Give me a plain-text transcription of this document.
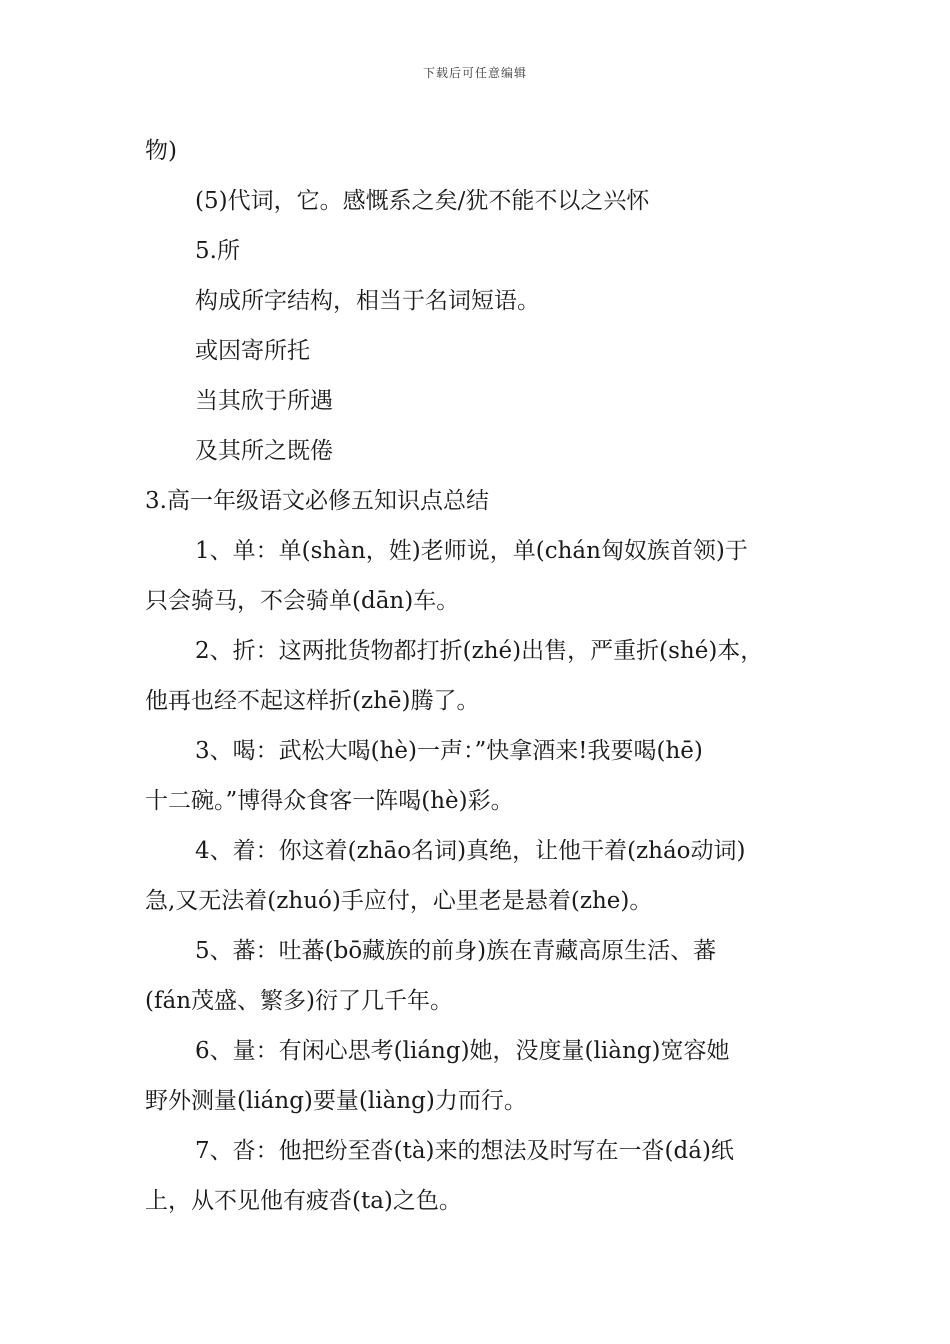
下载后可任意编辑
物)
(5)代词，它。感慨系之矣/犹不能不以之兴怀
5.所
构成所字结构，相当于名词短语。
或因寄所托
当其欣于所遇
及其所之既倦
3.高一年级语文必修五知识点总结
1、单：单(shàn，姓)老师说，单(chán匈奴族首领)于
只会骑马，不会骑单(dān)车。
2、折：这两批货物都打折(zhé)出售，严重折(shé)本，
他再也经不起这样折(zhē)腾了。
3、喝：武松大喝(hè)一声：”快拿酒来!我要喝(hē)
十二碗。”博得众食客一阵喝(hè)彩。
4、着：你这着(zhāo名词)真绝，让他干着(zháo动词)
急,又无法着(zhuó)手应付，心里老是悬着(zhe)。
5、蕃：吐蕃(bō藏族的前身)族在青藏高原生活、蕃
(fán茂盛、繁多)衍了几千年。
6、量：有闲心思考(liáng)她，没度量(liàng)宽容她
野外测量(liáng)要量(liàng)力而行。
7、沓：他把纷至沓(tà)来的想法及时写在一沓(dá)纸
上，从不见他有疲沓(ta)之色。
